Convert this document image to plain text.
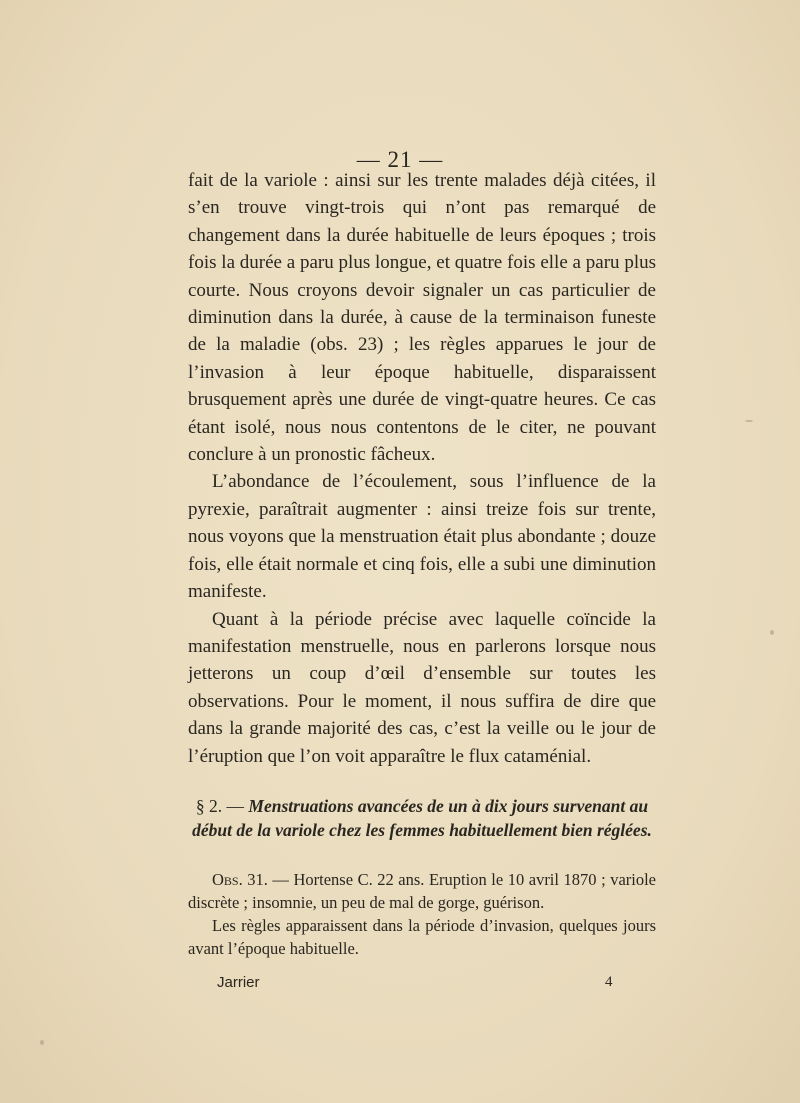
— 21 —

fait de la variole : ainsi sur les trente malades déjà citées, il s’en trouve vingt-trois qui n’ont pas remarqué de changement dans la durée habituelle de leurs époques ; trois fois la durée a paru plus longue, et quatre fois elle a paru plus courte. Nous croyons devoir signaler un cas particulier de diminution dans la durée, à cause de la terminaison funeste de la maladie (obs. 23) ; les règles apparues le jour de l’invasion à leur époque habituelle, disparaissent brusquement après une durée de vingt-quatre heures. Ce cas étant isolé, nous nous contentons de le citer, ne pouvant conclure à un pronostic fâcheux.

L’abondance de l’écoulement, sous l’influence de la pyrexie, paraîtrait augmenter : ainsi treize fois sur trente, nous voyons que la menstruation était plus abondante ; douze fois, elle était normale et cinq fois, elle a subi une diminution manifeste.

Quant à la période précise avec laquelle coïncide la manifestation menstruelle, nous en parlerons lorsque nous jetterons un coup d’œil d’ensemble sur toutes les observations. Pour le moment, il nous suffira de dire que dans la grande majorité des cas, c’est la veille ou le jour de l’éruption que l’on voit apparaître le flux cataménial.

§ 2. — Menstruations avancées de un à dix jours survenant au début de la variole chez les femmes habituellement bien réglées.

Obs. 31. — Hortense C. 22 ans. Eruption le 10 avril 1870 ; variole discrète ; insomnie, un peu de mal de gorge, guérison.

Les règles apparaissent dans la période d’invasion, quelques jours avant l’époque habituelle.

Jarrier	4
